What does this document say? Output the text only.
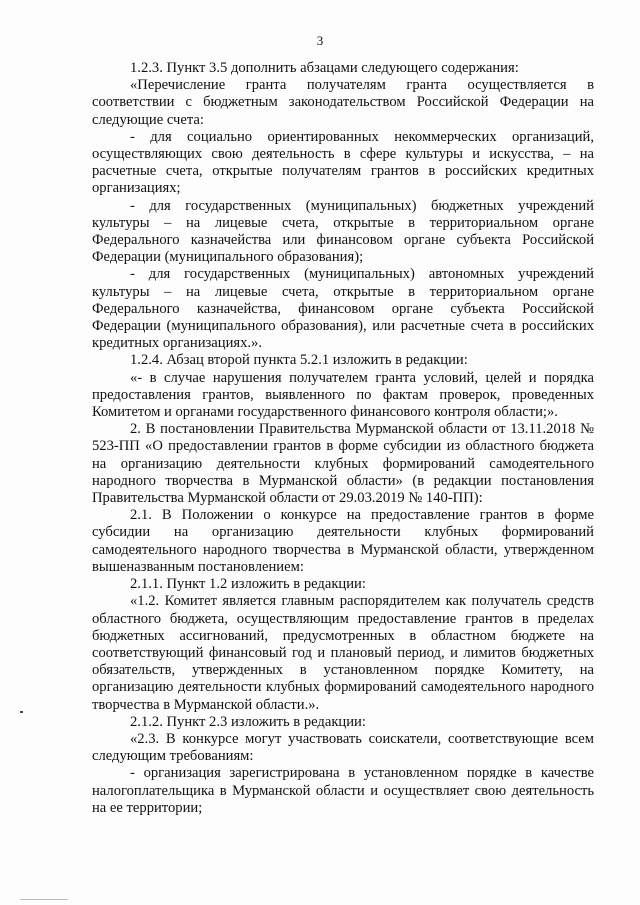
3

1.2.3. Пункт 3.5 дополнить абзацами следующего содержания:

«Перечисление гранта получателям гранта осуществляется в соответствии с бюджетным законодательством Российской Федерации на следующие счета:

- для социально ориентированных некоммерческих организаций, осуществляющих свою деятельность в сфере культуры и искусства, – на расчетные счета, открытые получателям грантов в российских кредитных организациях;

- для государственных (муниципальных) бюджетных учреждений культуры – на лицевые счета, открытые в территориальном органе Федерального казначейства или финансовом органе субъекта Российской Федерации (муниципального образования);

- для государственных (муниципальных) автономных учреждений культуры – на лицевые счета, открытые в территориальном органе Федерального казначейства, финансовом органе субъекта Российской Федерации (муниципального образования), или расчетные счета в российских кредитных организациях.».

1.2.4. Абзац второй пункта 5.2.1 изложить в редакции:

«- в случае нарушения получателем гранта условий, целей и порядка предоставления грантов, выявленного по фактам проверок, проведенных Комитетом и органами государственного финансового контроля области;».

2. В постановлении Правительства Мурманской области от 13.11.2018 № 523-ПП «О предоставлении грантов в форме субсидии из областного бюджета на организацию деятельности клубных формирований самодеятельного народного творчества в Мурманской области» (в редакции постановления Правительства Мурманской области от 29.03.2019 № 140-ПП):

2.1. В Положении о конкурсе на предоставление грантов в форме субсидии на организацию деятельности клубных формирований самодеятельного народного творчества в Мурманской области, утвержденном вышеназванным постановлением:

2.1.1. Пункт 1.2 изложить в редакции:

«1.2. Комитет является главным распорядителем как получатель средств областного бюджета, осуществляющим предоставление грантов в пределах бюджетных ассигнований, предусмотренных в областном бюджете на соответствующий финансовый год и плановый период, и лимитов бюджетных обязательств, утвержденных в установленном порядке Комитету, на организацию деятельности клубных формирований самодеятельного народного творчества в Мурманской области.».

2.1.2. Пункт 2.3 изложить в редакции:

«2.3. В конкурсе могут участвовать соискатели, соответствующие всем следующим требованиям:

- организация зарегистрирована в установленном порядке в качестве налогоплательщика в Мурманской области и осуществляет свою деятельность на ее территории;
